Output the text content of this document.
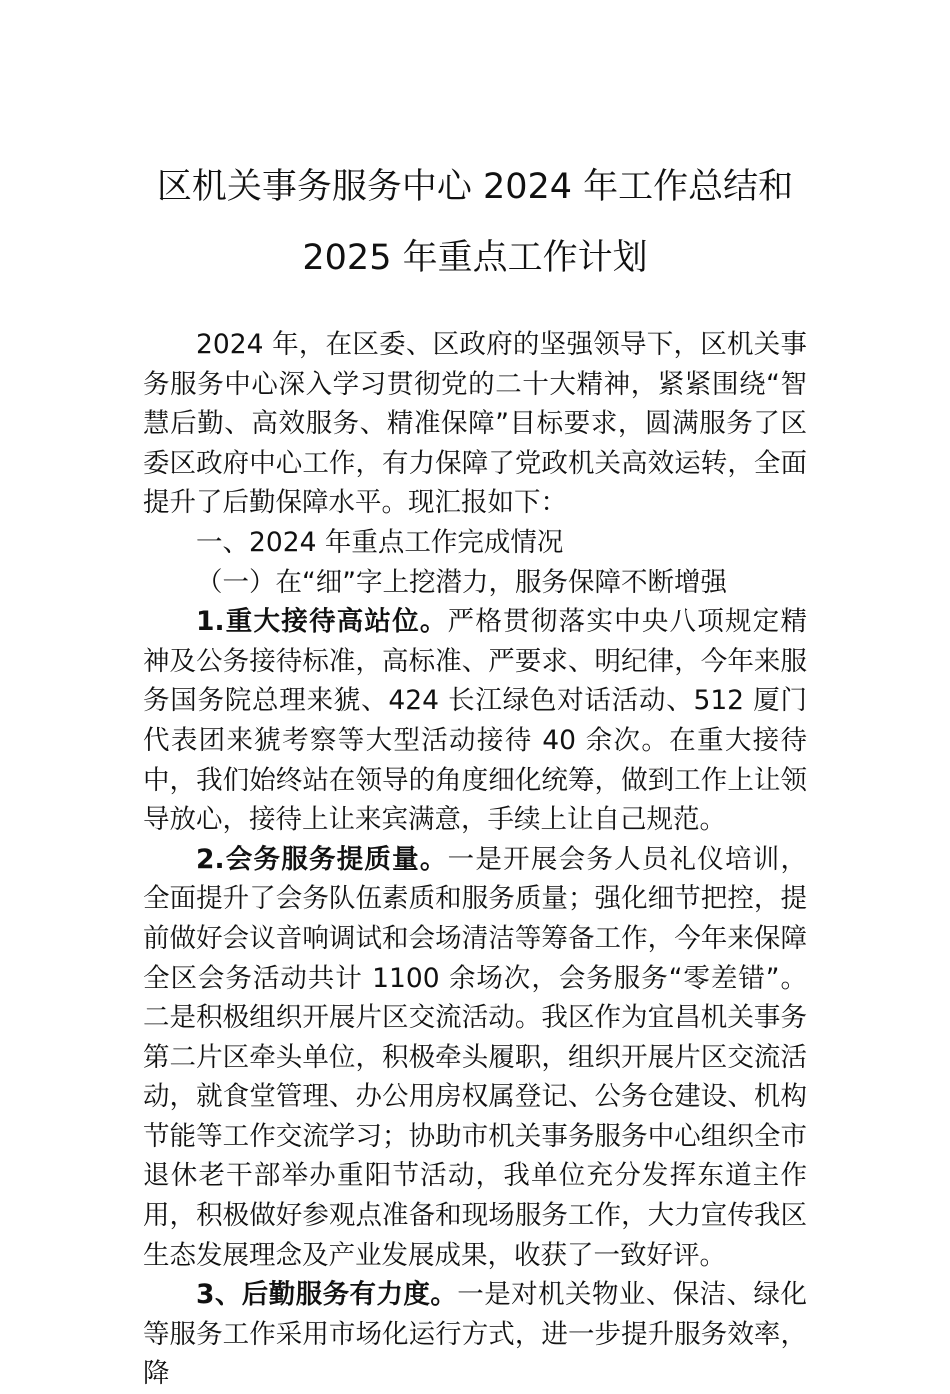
区机关事务服务中心 2024 年工作总结和
2025 年重点工作计划

2024 年，在区委、区政府的坚强领导下，区机关事务服务中心深入学习贯彻党的二十大精神，紧紧围绕“智慧后勤、高效服务、精准保障”目标要求，圆满服务了区委区政府中心工作，有力保障了党政机关高效运转，全面提升了后勤保障水平。现汇报如下：

一、2024 年重点工作完成情况

（一）在“细”字上挖潜力，服务保障不断增强

1.重大接待高站位。严格贯彻落实中央八项规定精神及公务接待标准，高标准、严要求、明纪律，今年来服务国务院总理来猇、424 长江绿色对话活动、512 厦门代表团来猇考察等大型活动接待 40 余次。在重大接待中，我们始终站在领导的角度细化统筹，做到工作上让领导放心，接待上让来宾满意，手续上让自己规范。

2.会务服务提质量。一是开展会务人员礼仪培训，全面提升了会务队伍素质和服务质量；强化细节把控，提前做好会议音响调试和会场清洁等筹备工作，今年来保障全区会务活动共计 1100 余场次，会务服务“零差错”。二是积极组织开展片区交流活动。我区作为宜昌机关事务第二片区牵头单位，积极牵头履职，组织开展片区交流活动，就食堂管理、办公用房权属登记、公务仓建设、机构节能等工作交流学习；协助市机关事务服务中心组织全市退休老干部举办重阳节活动，我单位充分发挥东道主作用，积极做好参观点准备和现场服务工作，大力宣传我区生态发展理念及产业发展成果，收获了一致好评。

3、后勤服务有力度。一是对机关物业、保洁、绿化等服务工作采用市场化运行方式，进一步提升服务效率，降
